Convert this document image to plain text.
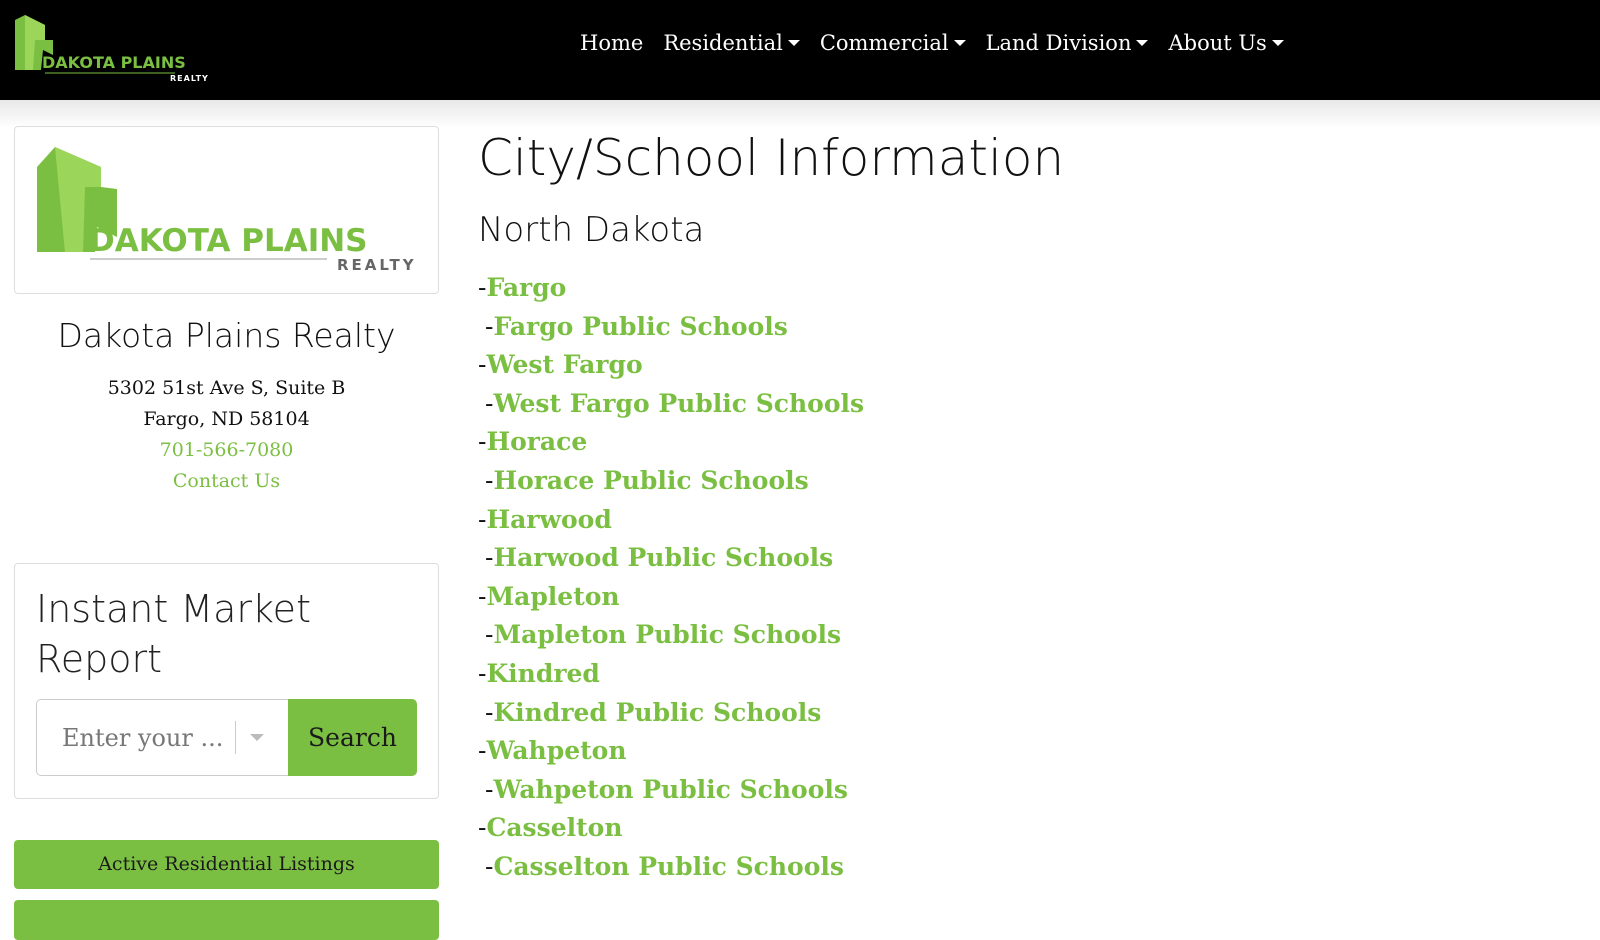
DAKOTA PLAINS
REALTY
Home Residential Commercial Land Division About Us
DAKOTA PLAINS
REALTY
Dakota Plains Realty
5302 51st Ave S, Suite B
Fargo, ND 58104
701-566-7080
Contact Us
Instant Market Report
Enter your ...	Search
Active Residential Listings
City/School Information
North Dakota
-Fargo
-Fargo Public Schools
-West Fargo
-West Fargo Public Schools
-Horace
-Horace Public Schools
-Harwood
-Harwood Public Schools
-Mapleton
-Mapleton Public Schools
-Kindred
-Kindred Public Schools
-Wahpeton
-Wahpeton Public Schools
-Casselton
-Casselton Public Schools
